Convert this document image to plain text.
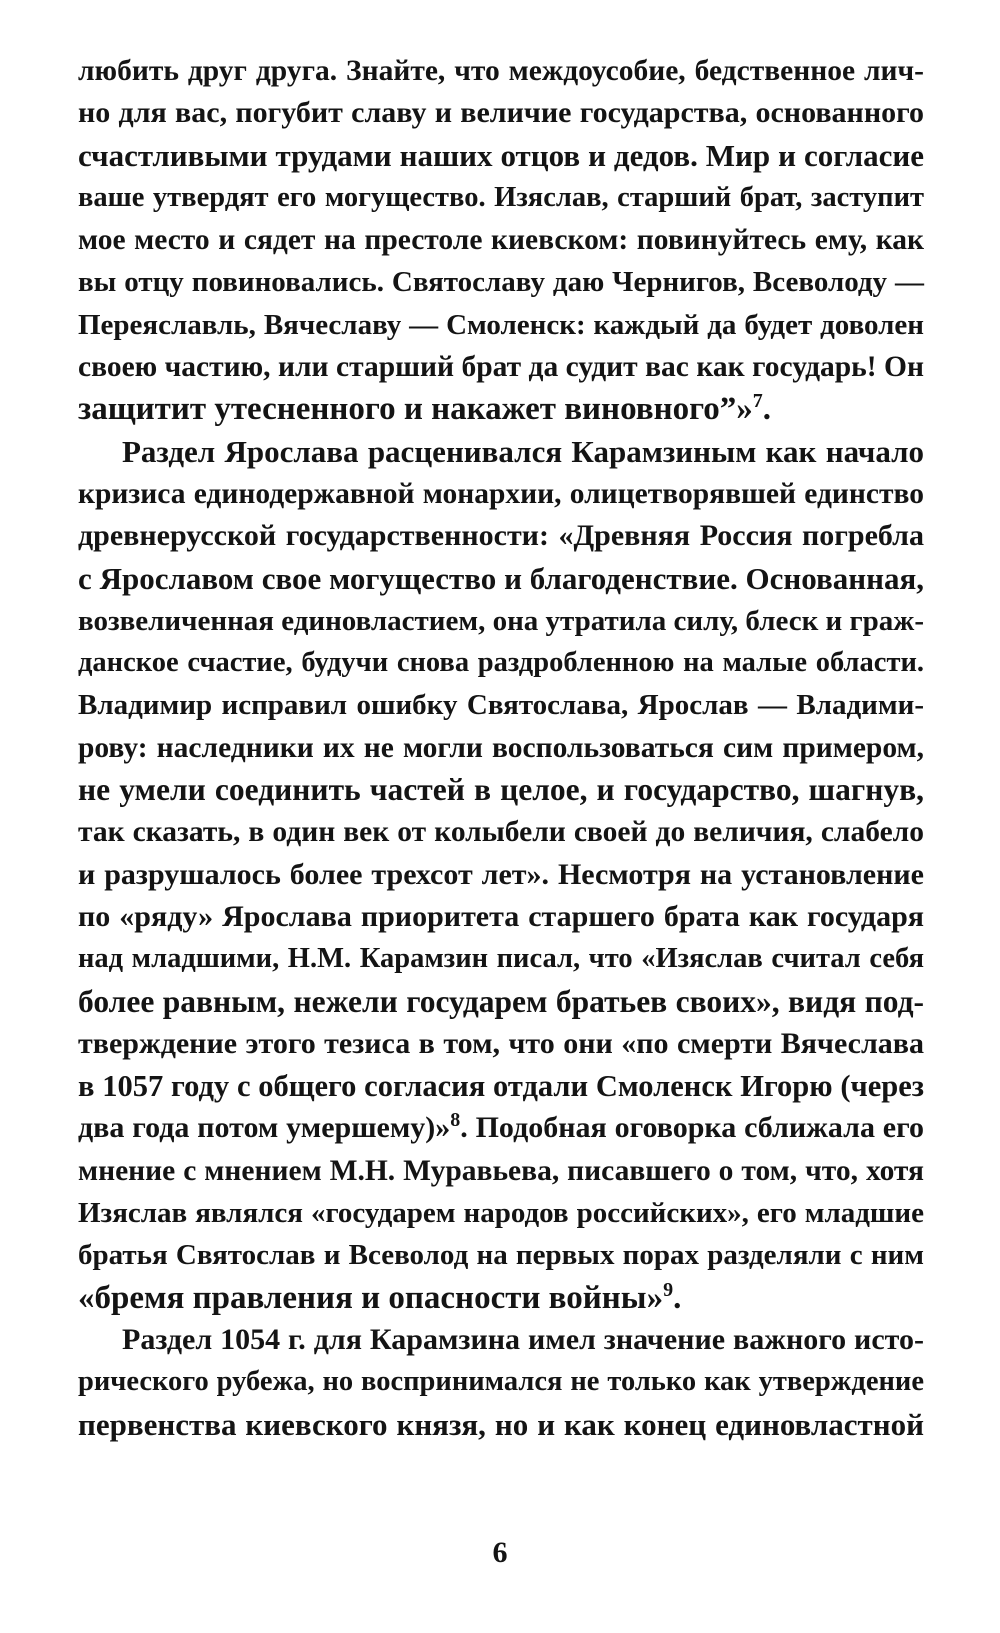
любить друг друга. Знайте, что междоусобие, бедственное лич-
но для вас, погубит славу и величие государства, основанного
счастливыми трудами наших отцов и дедов. Мир и согласие
ваше утвердят его могущество. Изяслав, старший брат, заступит
мое место и сядет на престоле киевском: повинуйтесь ему, как
вы отцу повиновались. Святославу даю Чернигов, Всеволоду —
Переяславль, Вячеславу — Смоленск: каждый да будет доволен
своею частию, или старший брат да судит вас как государь! Он
защитит утесненного и накажет виновного”»$^7$.
Раздел Ярослава расценивался Карамзиным как начало
кризиса единодержавной монархии, олицетворявшей единство
древнерусской государственности: «Древняя Россия погребла
с Ярославом свое могущество и благоденствие. Основанная,
возвеличенная единовластием, она утратила силу, блеск и граж-
данское счастие, будучи снова раздробленною на малые области.
Владимир исправил ошибку Святослава, Ярослав — Владими-
рову: наследники их не могли воспользоваться сим примером,
не умели соединить частей в целое, и государство, шагнув,
так сказать, в один век от колыбели своей до величия, слабело
и разрушалось более трехсот лет». Несмотря на установление
по «ряду» Ярослава приоритета старшего брата как государя
над младшими, Н.М. Карамзин писал, что «Изяслав считал себя
более равным, нежели государем братьев своих», видя под-
тверждение этого тезиса в том, что они «по смерти Вячеслава
в 1057 году с общего согласия отдали Смоленск Игорю (через
два года потом умершему)»$^8$. Подобная оговорка сближала его
мнение с мнением М.Н. Муравьева, писавшего о том, что, хотя
Изяслав являлся «государем народов российских», его младшие
братья Святослав и Всеволод на первых порах разделяли с ним
«бремя правления и опасности войны»$^9$.
Раздел 1054 г. для Карамзина имел значение важного исто-
рического рубежа, но воспринимался не только как утверждение
первенства киевского князя, но и как конец единовластной
6
